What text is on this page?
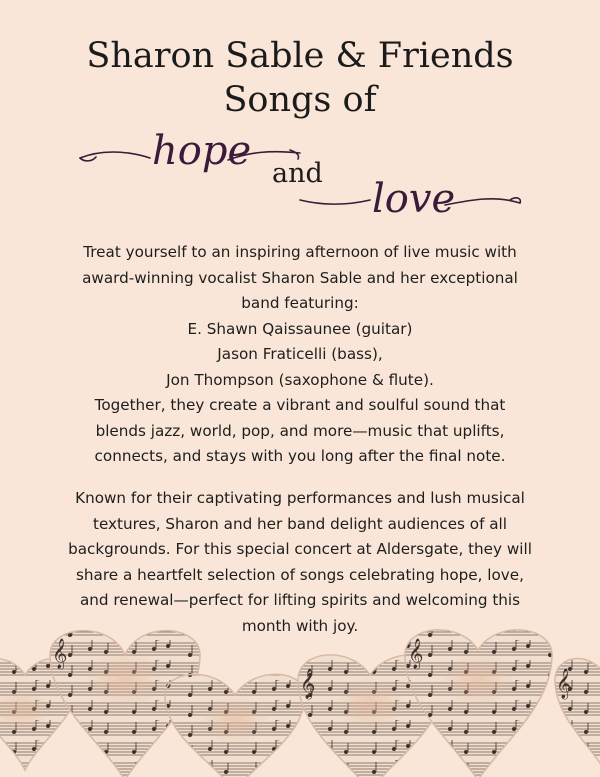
Sharon Sable & Friends
Songs of
hope and
love
Treat yourself to an inspiring afternoon of live music with
award-winning vocalist Sharon Sable and her exceptional
band featuring:
E. Shawn Qaissaunee (guitar)
Jason Fraticelli (bass),
Jon Thompson (saxophone & flute).
Together, they create a vibrant and soulful sound that
blends jazz, world, pop, and more—music that uplifts,
connects, and stays with you long after the final note.
Known for their captivating performances and lush musical
textures, Sharon and her band delight audiences of all
backgrounds. For this special concert at Aldersgate, they will
share a heartfelt selection of songs celebrating hope, love,
and renewal—perfect for lifting spirits and welcoming this
month with joy.
𝄞
𝄞
𝄞
𝄞
